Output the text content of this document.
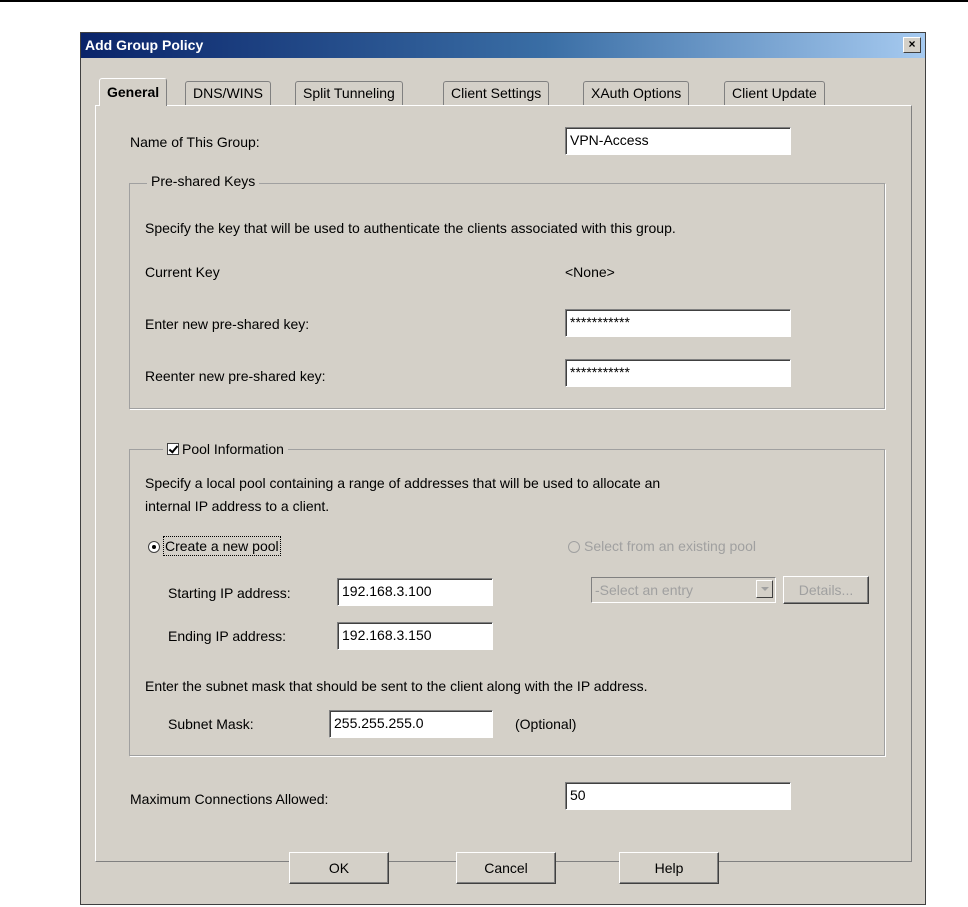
Add Group Policy	×
General	DNS/WINS	Split Tunneling	Client Settings	XAuth Options	Client Update
Name of This Group:	VPN-Access
Pre-shared Keys
Specify the key that will be used to authenticate the clients associated with this group.
Current Key	<None>
Enter new pre-shared key:	***********
Reenter new pre-shared key:	***********
Pool Information
Specify a local pool containing a range of addresses that will be used to allocate an
internal IP address to a client.
Create a new pool	Select from an existing pool
Starting IP address:	192.168.3.100	-Select an entry	Details...
Ending IP address:	192.168.3.150
Enter the subnet mask that should be sent to the client along with the IP address.
Subnet Mask:	255.255.255.0	(Optional)
Maximum Connections Allowed:	50
OK	Cancel	Help
